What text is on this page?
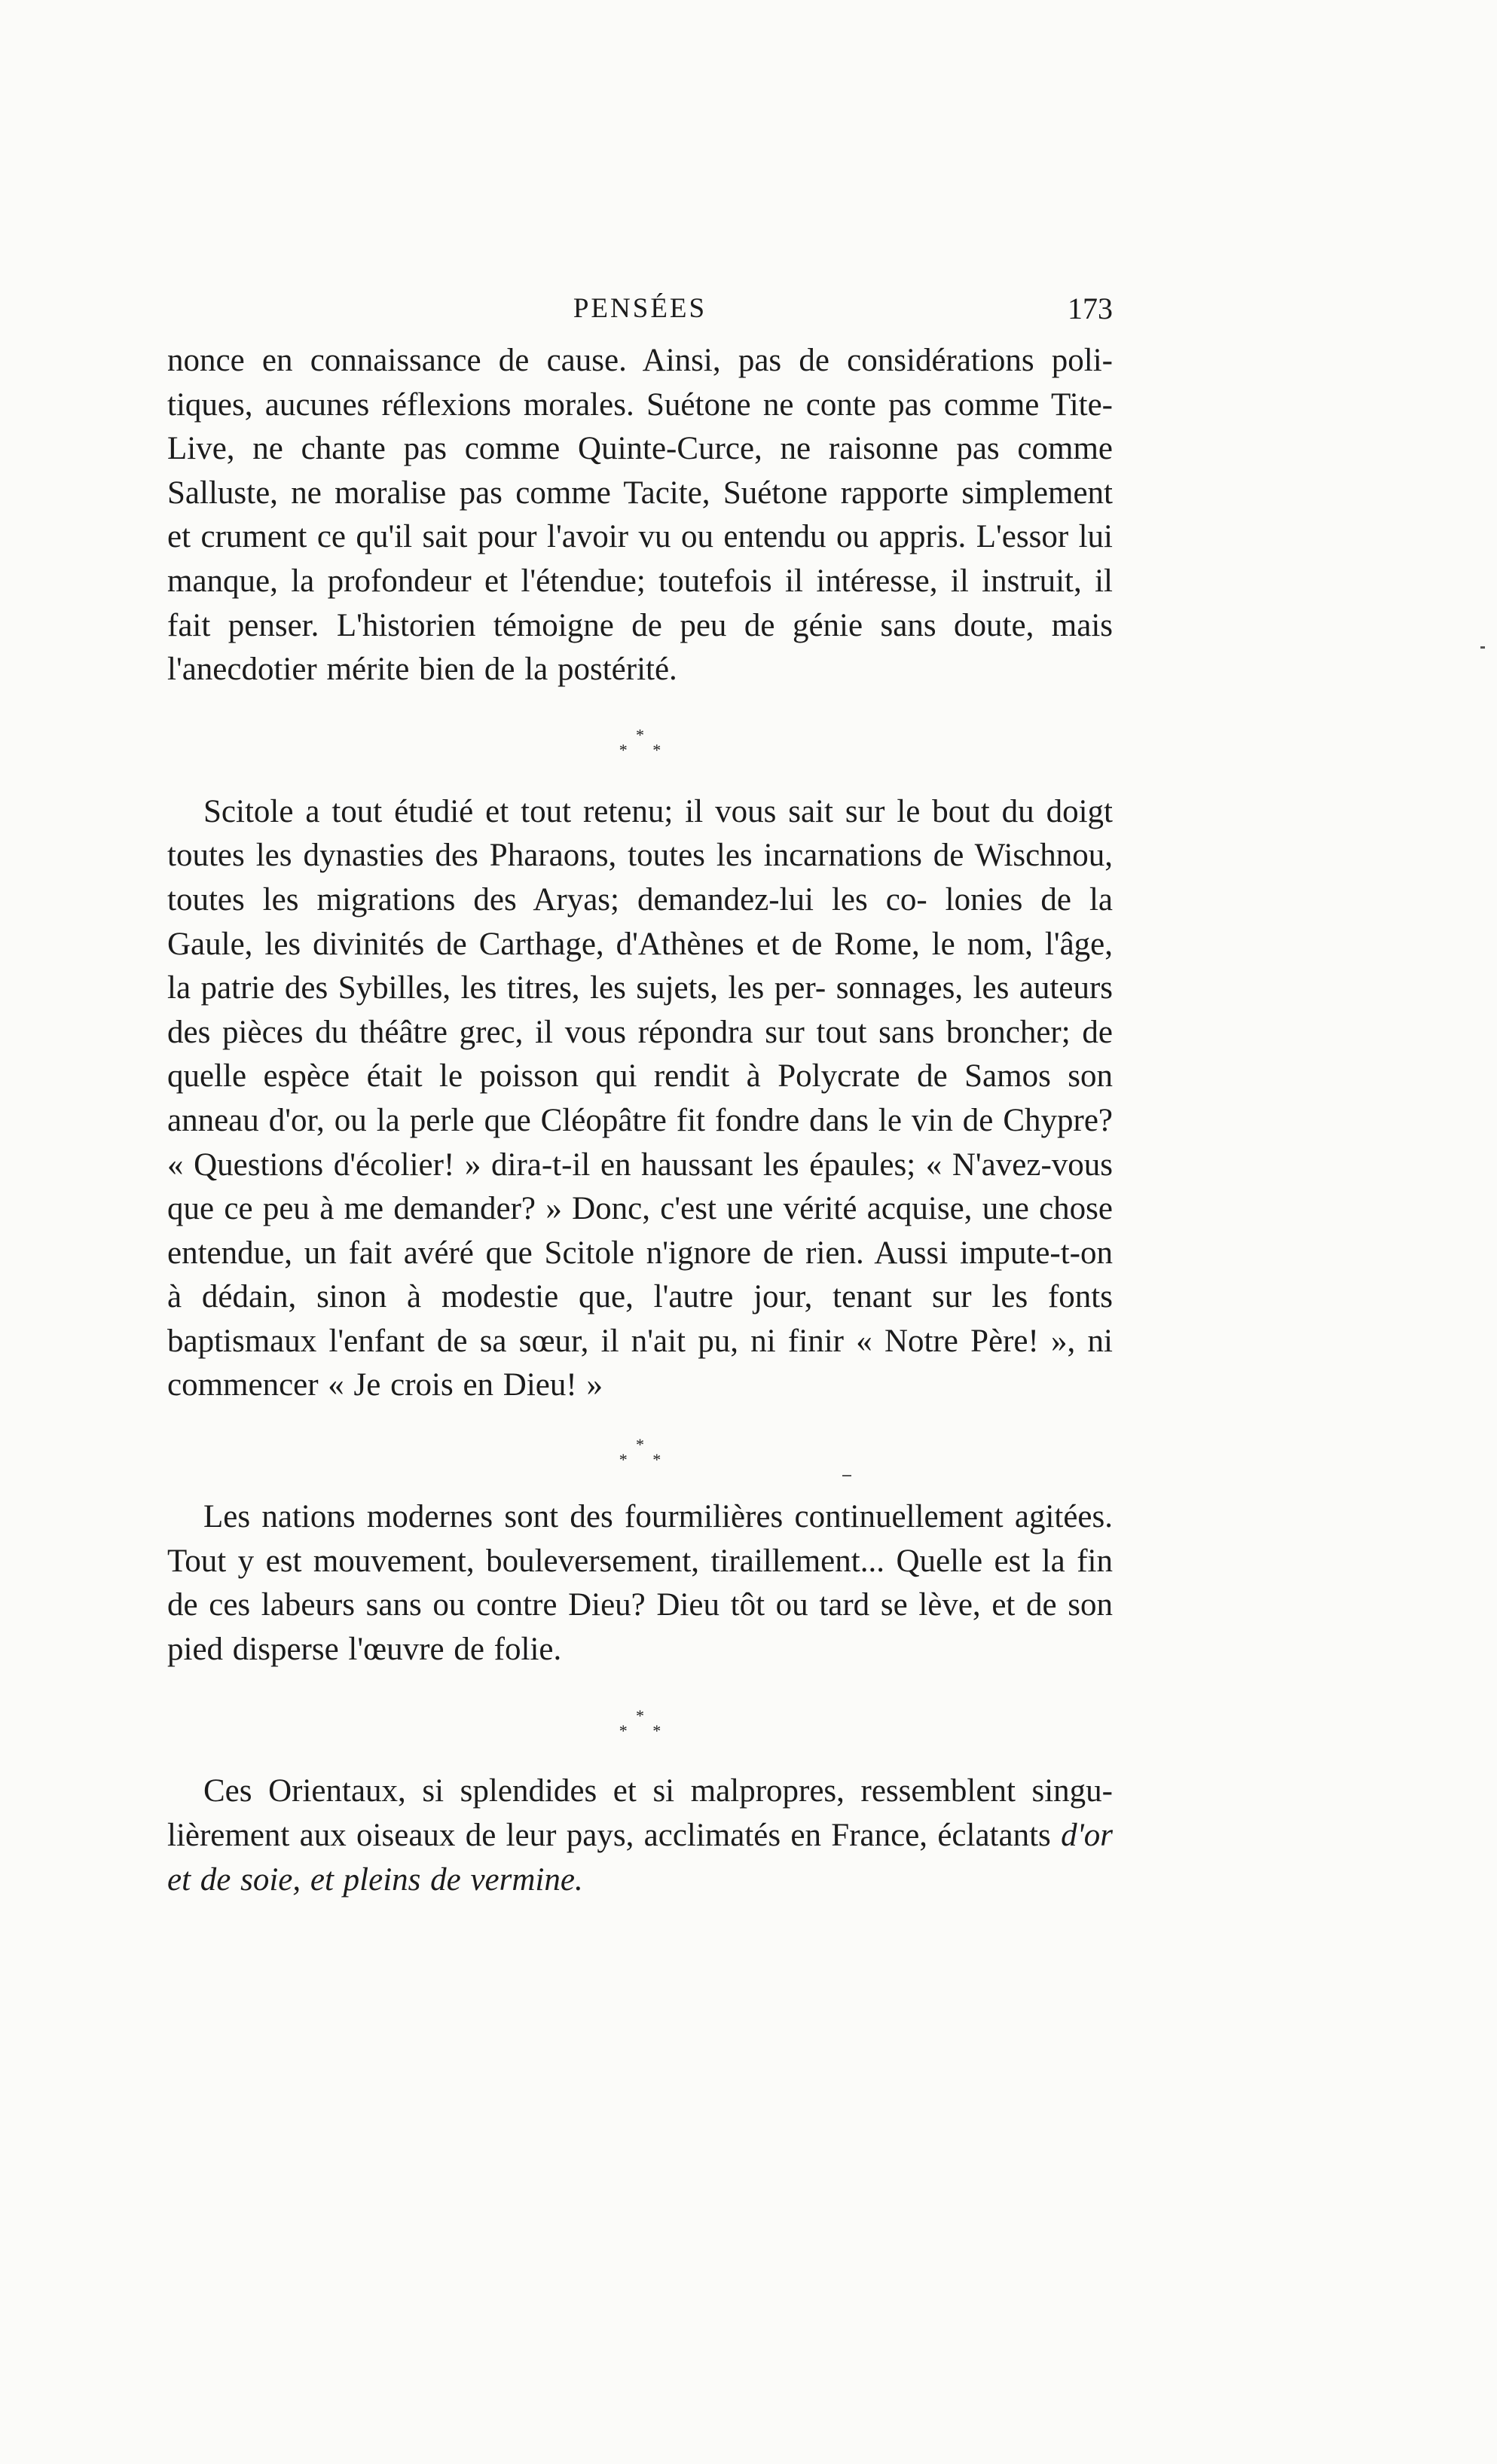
PENSÉES	173

nonce en connaissance de cause. Ainsi, pas de considérations poli- tiques, aucunes réflexions morales. Suétone ne conte pas comme Tite-Live, ne chante pas comme Quinte-Curce, ne raisonne pas comme Salluste, ne moralise pas comme Tacite, Suétone rapporte simplement et crument ce qu'il sait pour l'avoir vu ou entendu ou appris. L'essor lui manque, la profondeur et l'étendue; toutefois il intéresse, il instruit, il fait penser. L'historien témoigne de peu de génie sans doute, mais l'anecdotier mérite bien de la postérité.

*
* *

Scitole a tout étudié et tout retenu; il vous sait sur le bout du doigt toutes les dynasties des Pharaons, toutes les incarnations de Wischnou, toutes les migrations des Aryas; demandez-lui les co- lonies de la Gaule, les divinités de Carthage, d'Athènes et de Rome, le nom, l'âge, la patrie des Sybilles, les titres, les sujets, les per- sonnages, les auteurs des pièces du théâtre grec, il vous répondra sur tout sans broncher; de quelle espèce était le poisson qui rendit à Polycrate de Samos son anneau d'or, ou la perle que Cléopâtre fit fondre dans le vin de Chypre? « Questions d'écolier! » dira-t-il en haussant les épaules; « N'avez-vous que ce peu à me demander? » Donc, c'est une vérité acquise, une chose entendue, un fait avéré que Scitole n'ignore de rien. Aussi impute-t-on à dédain, sinon à modestie que, l'autre jour, tenant sur les fonts baptismaux l'enfant de sa sœur, il n'ait pu, ni finir « Notre Père! », ni commencer « Je crois en Dieu! »

*
* *

Les nations modernes sont des fourmilières continuellement agitées. Tout y est mouvement, bouleversement, tiraillement... Quelle est la fin de ces labeurs sans ou contre Dieu? Dieu tôt ou tard se lève, et de son pied disperse l'œuvre de folie.

*
* *

Ces Orientaux, si splendides et si malpropres, ressemblent singu- lièrement aux oiseaux de leur pays, acclimatés en France, éclatants d'or et de soie, et pleins de vermine.
